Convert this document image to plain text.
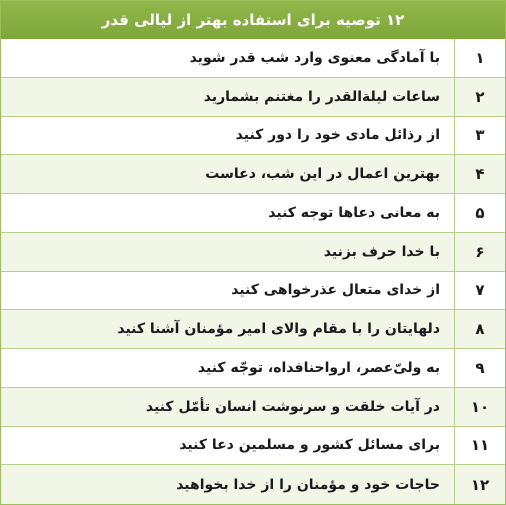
۱۲ توصیه برای استفاده بهتر از لیالی قدر
۱
با آمادگی معنوی وارد شب قدر شوید
۲
ساعات لیلةالقدر را مغتنم بشمارید
۳
از رذائل مادی خود را دور کنید
۴
بهترین اعمال در این شب، دعاست
۵
به معانی دعاها توجه کنید
۶
با خدا حرف بزنید
۷
از خدای متعال عذرخواهی کنید
۸
دلهایتان را با مقام والای امیر مؤمنان آشنا کنید
۹
به ولیّ‌عصر، ارواحنافداه، توجّه کنید
۱۰
در آیات خلقت و سرنوشت انسان تأمّل کنید
۱۱
برای مسائل کشور و مسلمین دعا کنید
۱۲
حاجات خود و مؤمنان را از خدا بخواهید
